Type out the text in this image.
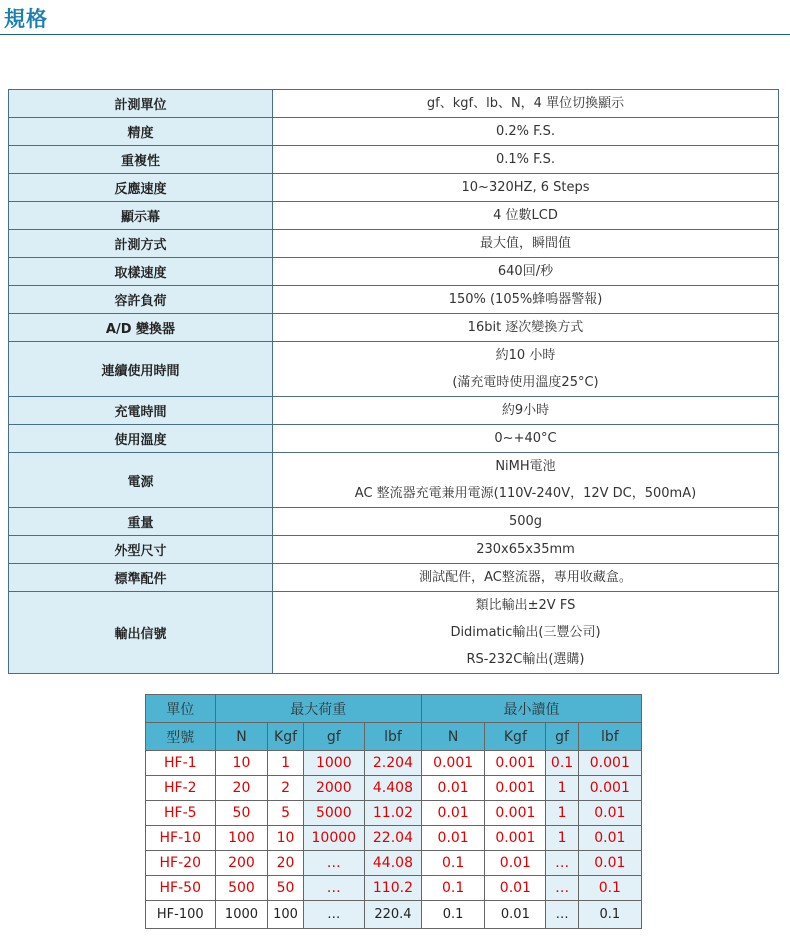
規格
計測單位	gf、kgf、lb、N，4 單位切換顯示

精度	0.2% F.S.

重複性	0.1% F.S.

反應速度	10~320HZ, 6 Steps

顯示幕	4 位數LCD

計測方式	最大值，瞬間值

取樣速度	640回/秒

容許負荷	150% (105%蜂鳴器警報)

A/D 變換器	16bit 逐次變換方式

連續使用時間	約10 小時
(滿充電時使用溫度25°C)

充電時間	約9小時

使用溫度	0~+40°C

電源	NiMH電池
AC 整流器充電兼用電源(110V-240V，12V DC，500mA)

重量	500g

外型尺寸	230x65x35mm

標準配件	測試配件，AC整流器，專用收藏盒。

輸出信號	類比輸出±2V FS
Didimatic輸出(三豐公司)
RS-232C輸出(選購)
單位	最大荷重				最小讀值			
型號	N	Kgf	gf	lbf	N	Kgf	gf	lbf
HF-1	10	1	1000	2.204	0.001	0.001	0.1	0.001
HF-2	20	2	2000	4.408	0.01	0.001	1	0.001
HF-5	50	5	5000	11.02	0.01	0.001	1	0.01
HF-10	100	10	10000	22.04	0.01	0.001	1	0.01
HF-20	200	20	…	44.08	0.1	0.01	…	0.01
HF-50	500	50	…	110.2	0.1	0.01	…	0.1
HF-100	1000	100	…	220.4	0.1	0.01	…	0.1
